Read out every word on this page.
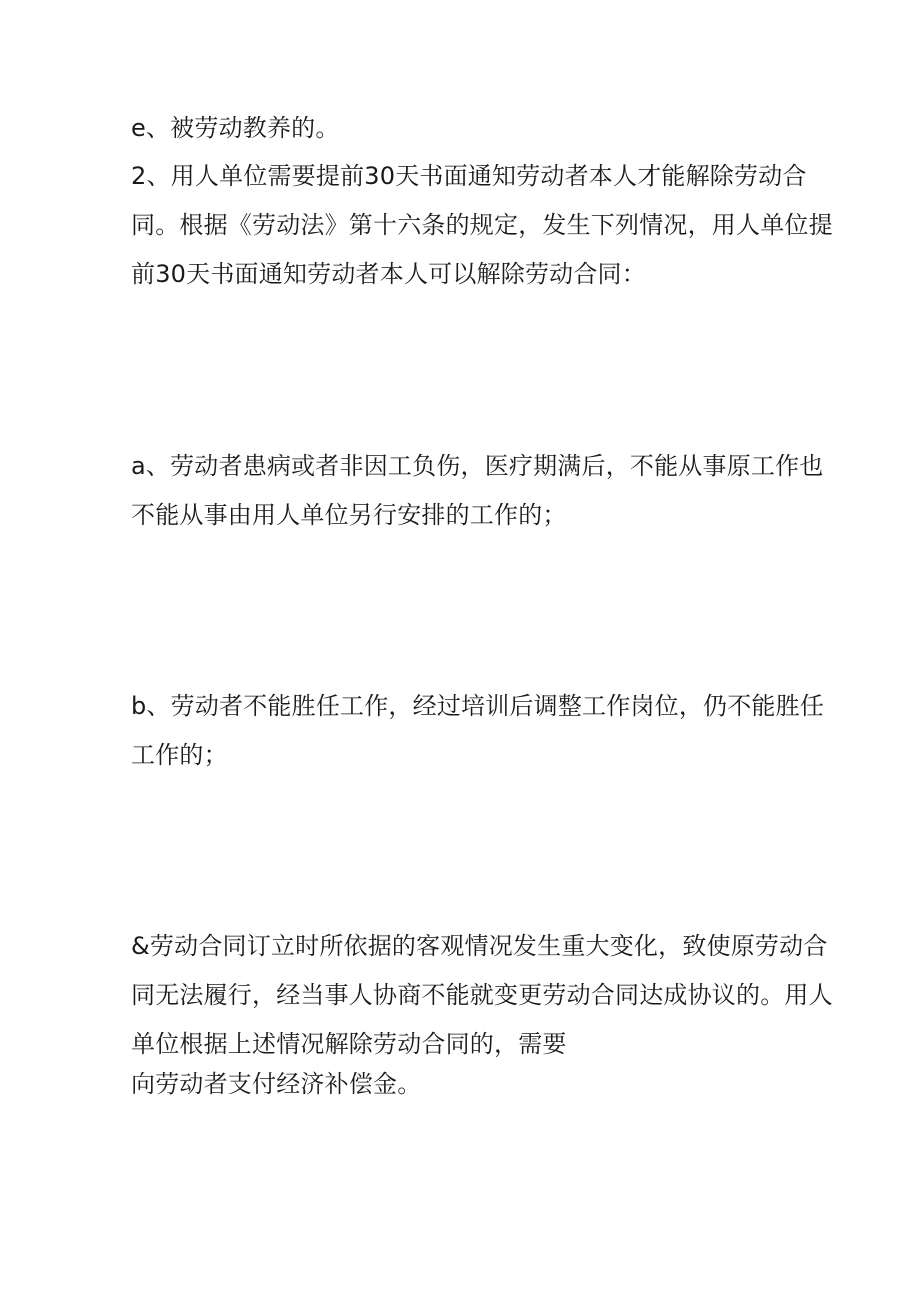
e、被劳动教养的。

2、用人单位需要提前30天书面通知劳动者本人才能解除劳动合

同。根据《劳动法》第十六条的规定，发生下列情况，用人单位提

前30天书面通知劳动者本人可以解除劳动合同：

a、劳动者患病或者非因工负伤，医疗期满后，不能从事原工作也

不能从事由用人单位另行安排的工作的；

b、劳动者不能胜任工作，经过培训后调整工作岗位，仍不能胜任

工作的；

&劳动合同订立时所依据的客观情况发生重大变化，致使原劳动合

同无法履行，经当事人协商不能就变更劳动合同达成协议的。用人

单位根据上述情况解除劳动合同的，需要

向劳动者支付经济补偿金。
